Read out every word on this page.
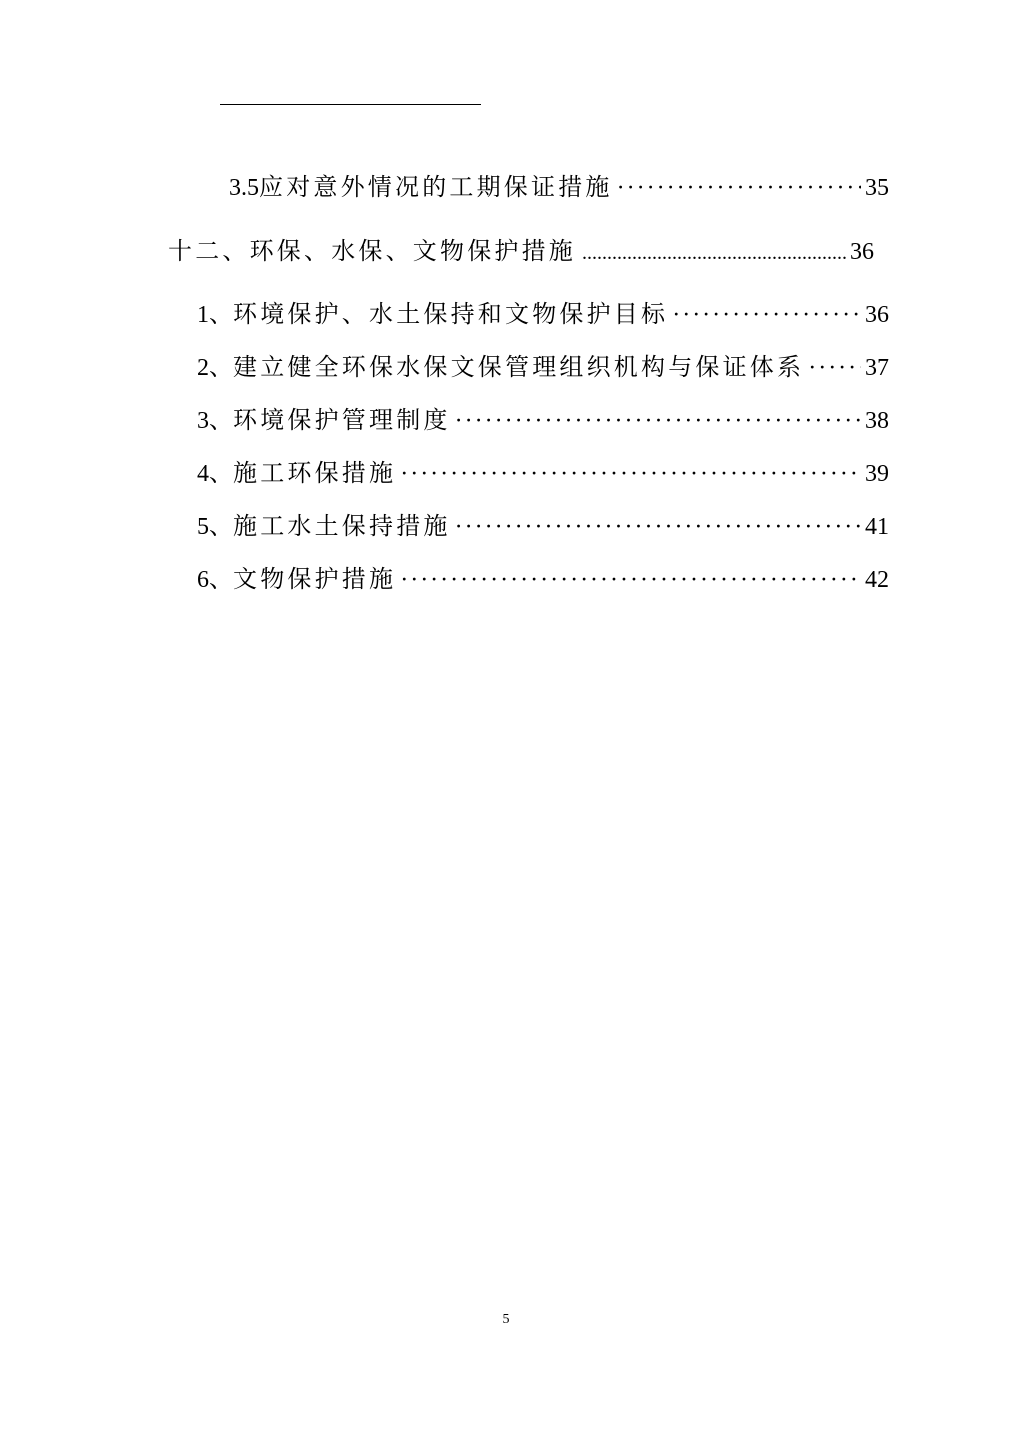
3.5 应对意外情况的工期保证措施 ·····	35
十二、环保、水保、文物保护措施 .....	36
1、 环境保护、水土保持和文物保护目标 ·····	36
2、 建立健全环保水保文保管理组织机构与保证体系 ·····	37
3、 环境保护管理制度 ·····	38
4、 施工环保措施 ·····	39
5、 施工水土保持措施 ·····	41
6、 文物保护措施 ·····	42
5
